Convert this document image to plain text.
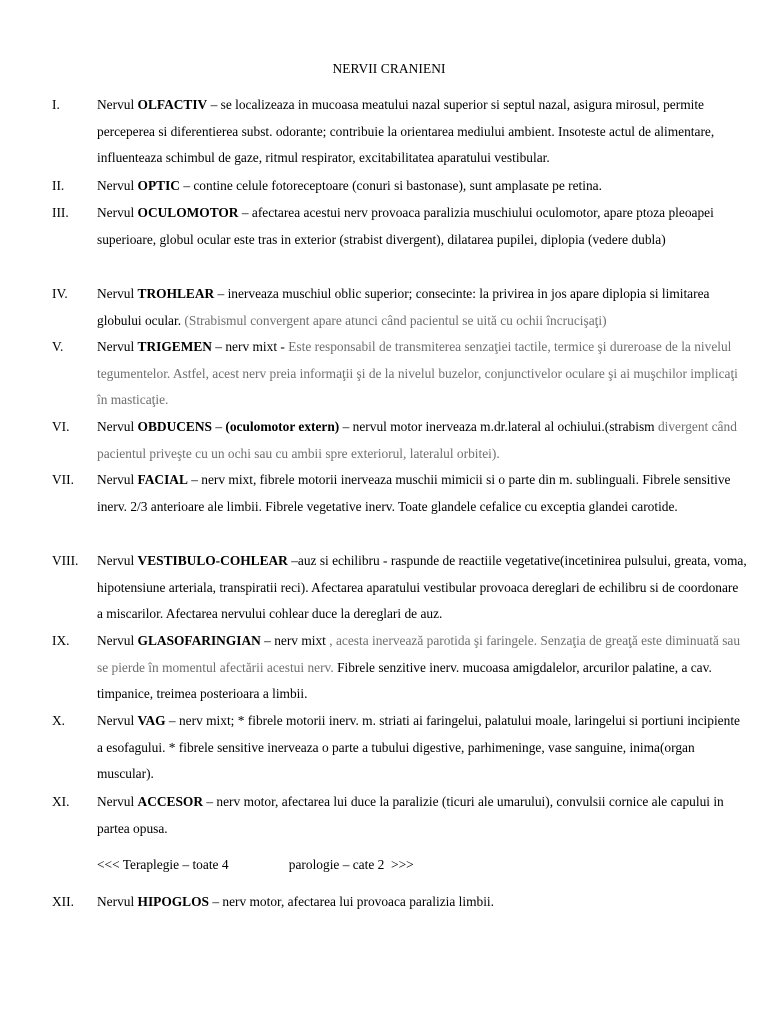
NERVII CRANIENI
I.	Nervul OLFACTIV – se localizeaza in mucoasa meatului nazal superior si septul nazal, asigura mirosul, permite perceperea si diferentierea subst. odorante; contribuie la orientarea mediului ambient. Insoteste actul de alimentare, influenteaza schimbul de gaze, ritmul respirator, excitabilitatea aparatului vestibular.
II. Nervul OPTIC – contine celule fotoreceptoare (conuri si bastonase), sunt amplasate pe retina.
III. Nervul OCULOMOTOR – afectarea acestui nerv provoaca paralizia muschiului oculomotor, apare ptoza pleoapei superioare, globul ocular este tras in exterior (strabist divergent), dilatarea pupilei, diplopia (vedere dubla)
IV. Nervul TROHLEAR – inerveaza muschiul oblic superior; consecinte: la privirea in jos apare diplopia si limitarea globului ocular. (Strabismul convergent apare atunci când pacientul se uită cu ochii încrucişaţi)
V.	Nervul TRIGEMEN – nerv mixt - Este responsabil de transmiterea senzaţiei tactile, termice şi dureroase de la nivelul tegumentelor. Astfel, acest nerv preia informaţii şi de la nivelul buzelor, conjunctivelor oculare şi ai muşchilor implicaţi în masticaţie.
VI. Nervul OBDUCENS – (oculomotor extern) – nervul motor inerveaza m.dr.lateral al ochiului.(strabism divergent când pacientul priveşte cu un ochi sau cu ambii spre exteriorul, lateralul orbitei).
VII. Nervul FACIAL – nerv mixt, fibrele motorii inerveaza muschii mimicii si o parte din m. sublinguali. Fibrele sensitive inerv. 2/3 anterioare ale limbii. Fibrele vegetative inerv. Toate glandele cefalice cu exceptia glandei carotide.
VIII. Nervul VESTIBULO-COHLEAR –auz si echilibru - raspunde de reactiile vegetative(incetinirea pulsului, greata, voma, hipotensiune arteriala, transpiratii reci). Afectarea aparatului vestibular provoaca dereglari de echilibru si de coordonare a miscarilor. Afectarea nervului cohlear duce la dereglari de auz.
IX. Nervul GLASOFARINGIAN – nerv mixt , acesta inervează parotida şi faringele. Senzaţia de greaţă este diminuată sau se pierde în momentul afectării acestui nerv. Fibrele senzitive inerv. mucoasa amigdalelor, arcurilor palatine, a cav. timpanice, treimea posterioara a limbii.
X. Nervul VAG – nerv mixt; * fibrele motorii inerv. m. striati ai faringelui, palatului moale, laringelui si portiuni incipiente a esofagului. * fibrele sensitive inerveaza o parte a tubului digestive, parhimeninge, vase sanguine, inima(organ muscular).
XI. Nervul ACCESOR – nerv motor, afectarea lui duce la paralizie (ticuri ale umarului), convulsii cornice ale capului in partea opusa.
<<< Teraplegie – toate 4                  parologie – cate 2  >>>
XII. Nervul HIPOGLOS – nerv motor, afectarea lui provoaca paralizia limbii.
